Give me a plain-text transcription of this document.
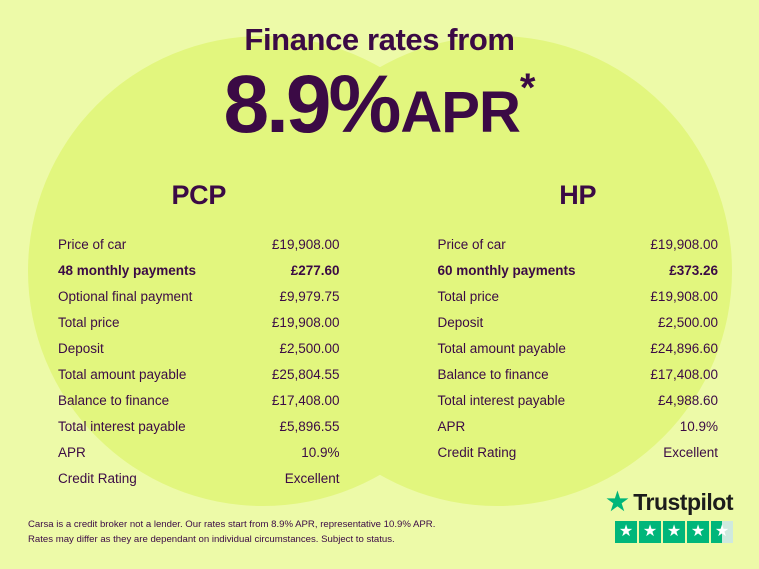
Finance rates from
8.9%APR*
PCP
Price of car	£19,908.00
48 monthly payments	£277.60
Optional final payment	£9,979.75
Total price	£19,908.00
Deposit	£2,500.00
Total amount payable	£25,804.55
Balance to finance	£17,408.00
Total interest payable	£5,896.55
APR	10.9%
Credit Rating	Excellent
HP
Price of car	£19,908.00
60 monthly payments	£373.26
Total price	£19,908.00
Deposit	£2,500.00
Total amount payable	£24,896.60
Balance to finance	£17,408.00
Total interest payable	£4,988.60
APR	10.9%
Credit Rating	Excellent
Carsa is a credit broker not a lender. Our rates start from 8.9% APR, representative 10.9% APR. Rates may differ as they are dependant on individual circumstances. Subject to status.
★ Trustpilot
★ ★ ★ ★ ★
